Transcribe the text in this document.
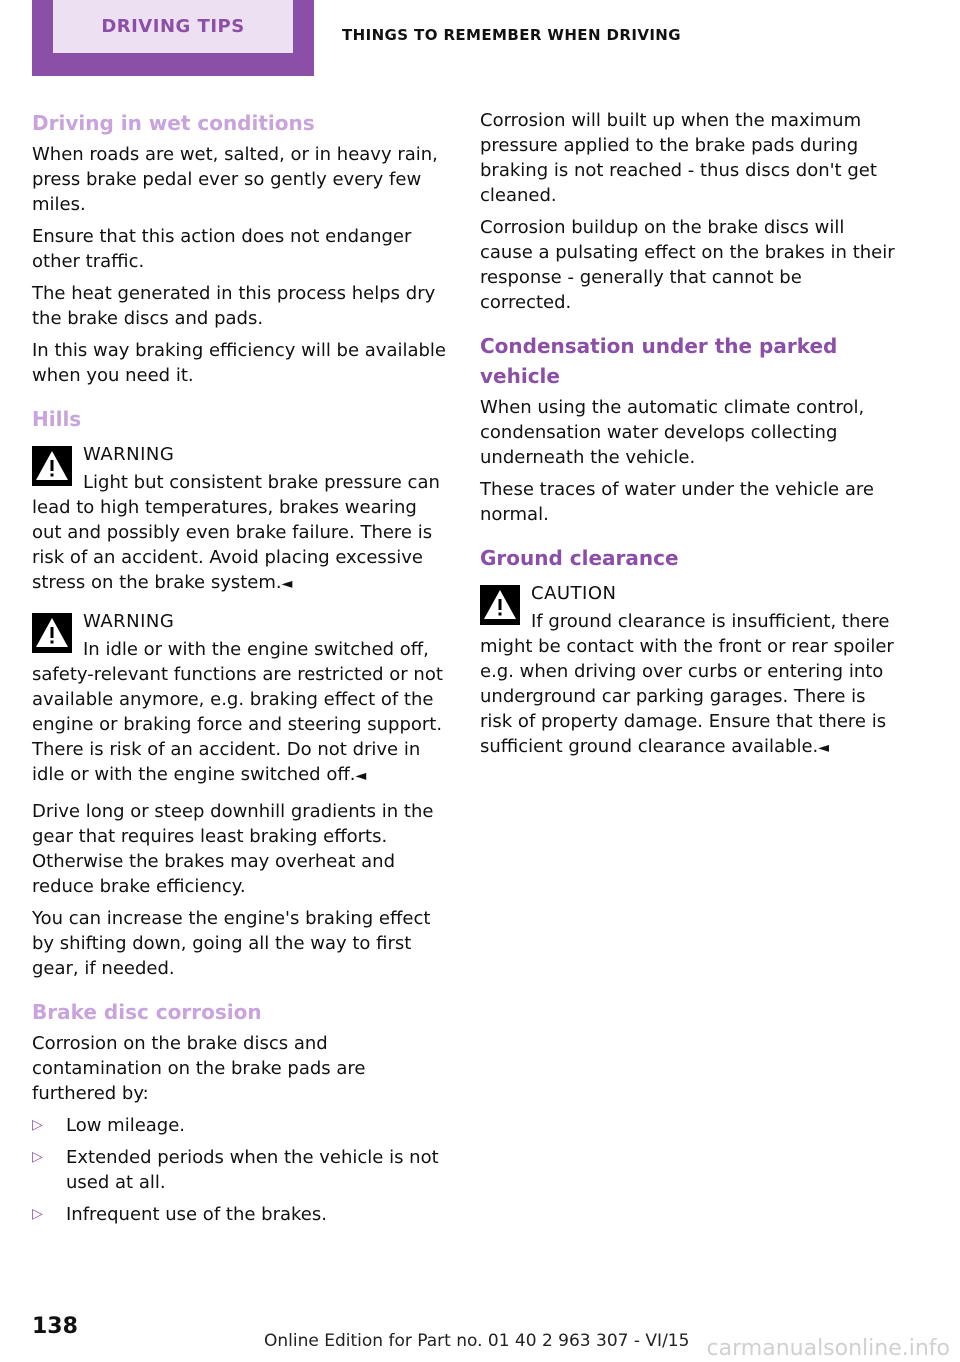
DRIVING TIPS	THINGS TO REMEMBER WHEN DRIVING
Driving in wet conditions

When roads are wet, salted, or in heavy rain, press brake pedal ever so gently every few miles.

Ensure that this action does not endanger other traffic.

The heat generated in this process helps dry the brake discs and pads.

In this way braking efficiency will be available when you need it.

Hills
WARNING

Light but consistent brake pressure can lead to high temperatures, brakes wearing out and possibly even brake failure. There is risk of an accident. Avoid placing excessive stress on the brake system.◄

WARNING

In idle or with the engine switched off, safety-relevant functions are restricted or not available anymore, e.g. braking effect of the engine or braking force and steering support. There is risk of an accident. Do not drive in idle or with the engine switched off.◄

Drive long or steep downhill gradients in the gear that requires least braking efforts. Otherwise the brakes may overheat and reduce brake efficiency.

You can increase the engine's braking effect by shifting down, going all the way to first gear, if needed.

Brake disc corrosion

Corrosion on the brake discs and contamination on the brake pads are furthered by:

▷ Low mileage.
▷ Extended periods when the vehicle is not used at all.
▷ Infrequent use of the brakes.

Corrosion will built up when the maximum pressure applied to the brake pads during braking is not reached - thus discs don't get cleaned.

Corrosion buildup on the brake discs will cause a pulsating effect on the brakes in their response - generally that cannot be corrected.

Condensation under the parked vehicle

When using the automatic climate control, condensation water develops collecting underneath the vehicle.

These traces of water under the vehicle are normal.

Ground clearance
CAUTION

If ground clearance is insufficient, there might be contact with the front or rear spoiler e.g. when driving over curbs or entering into underground car parking garages. There is risk of property damage. Ensure that there is sufficient ground clearance available.◄

138
Online Edition for Part no. 01 40 2 963 307 - VI/15 carmanualsonline.info
